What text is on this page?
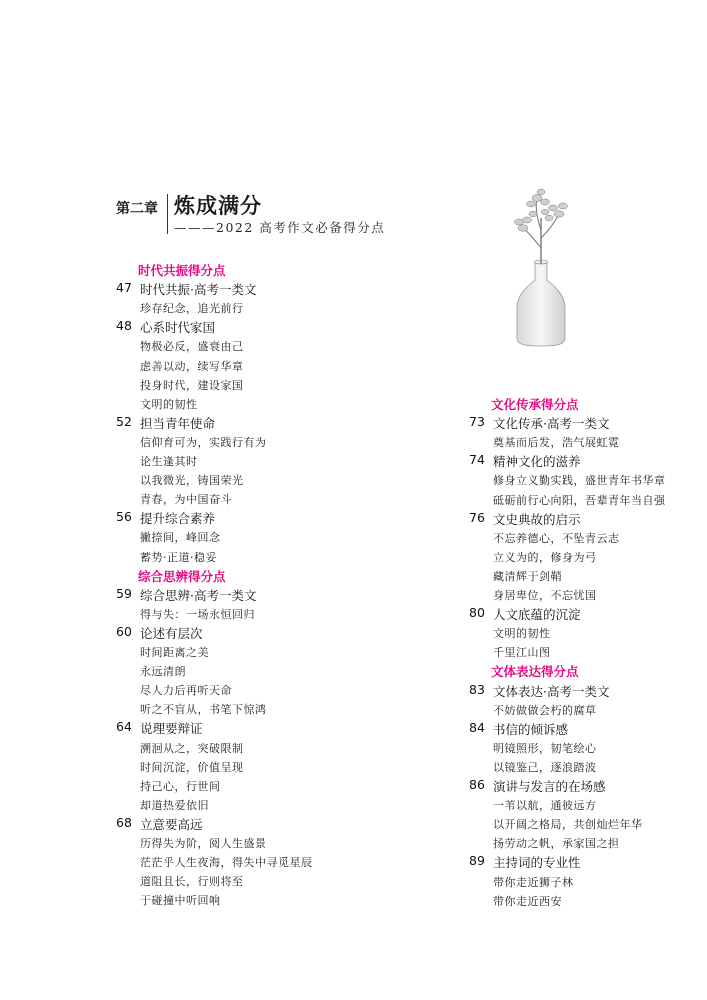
第二章 炼成满分
———2022 高考作文必备得分点
时代共振得分点
47 时代共振·高考一类文
珍存纪念，追光前行
48 心系时代家国
物极必反，盛衰由己
虑善以动，续写华章
投身时代，建设家国
文明的韧性
52 担当青年使命
信仰育可为，实践行有为
论生逢其时
以我微光，铸国荣光
青春，为中国奋斗
56 提升综合素养
撇捺间，峰回念
蓄势·正道·稳妥
综合思辨得分点
59 综合思辨·高考一类文
得与失：一场永恒回归
60 论述有层次
时间距离之美
永远清朗
尽人力后再听天命
听之不盲从，书笔下惊鸿
64 说理要辩证
溯洄从之，突破限制
时间沉淀，价值呈现
持己心，行世间
却道热爱依旧
68 立意要高远
历得失为阶，阅人生盛景
茫茫乎人生夜海，得失中寻觅星辰
道阻且长，行则将至
于碰撞中听回响
文化传承得分点
73 文化传承·高考一类文
奠基而后发，浩气展虹霓
74 精神文化的滋养
修身立义勤实践，盛世青年书华章
砥砺前行心向阳，吾辈青年当自强
76 文史典故的启示
不忘养德心，不坠青云志
立义为的，修身为弓
藏清辉于剑鞘
身居卑位，不忘忧国
80 人文底蕴的沉淀
文明的韧性
千里江山图
文体表达得分点
83 文体表达·高考一类文
不妨做做会朽的腐草
84 书信的倾诉感
明镜照形，韧笔绘心
以镜鉴己，逐浪踏波
86 演讲与发言的在场感
一苇以航，通彼远方
以开阔之格局，共创灿烂年华
扬劳动之帆，承家国之担
89 主持词的专业性
带你走近狮子林
带你走近西安
